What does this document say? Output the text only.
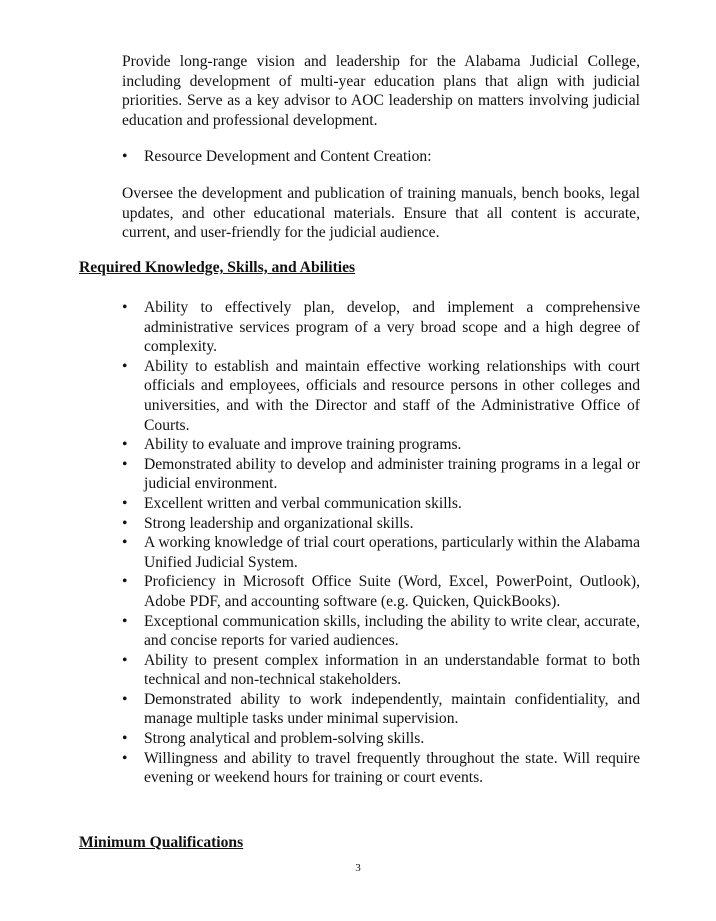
Provide long-range vision and leadership for the Alabama Judicial College, including development of multi-year education plans that align with judicial priorities. Serve as a key advisor to AOC leadership on matters involving judicial education and professional development.

• Resource Development and Content Creation:

Oversee the development and publication of training manuals, bench books, legal updates, and other educational materials. Ensure that all content is accurate, current, and user-friendly for the judicial audience.

Required Knowledge, Skills, and Abilities
• Ability to effectively plan, develop, and implement a comprehensive administrative services program of a very broad scope and a high degree of complexity.
• Ability to establish and maintain effective working relationships with court officials and employees, officials and resource persons in other colleges and universities, and with the Director and staff of the Administrative Office of Courts.
• Ability to evaluate and improve training programs.
• Demonstrated ability to develop and administer training programs in a legal or judicial environment.
• Excellent written and verbal communication skills.
• Strong leadership and organizational skills.
• A working knowledge of trial court operations, particularly within the Alabama Unified Judicial System.
• Proficiency in Microsoft Office Suite (Word, Excel, PowerPoint, Outlook), Adobe PDF, and accounting software (e.g. Quicken, QuickBooks).
• Exceptional communication skills, including the ability to write clear, accurate, and concise reports for varied audiences.
• Ability to present complex information in an understandable format to both technical and non-technical stakeholders.
• Demonstrated ability to work independently, maintain confidentiality, and manage multiple tasks under minimal supervision.
• Strong analytical and problem-solving skills.
• Willingness and ability to travel frequently throughout the state. Will require evening or weekend hours for training or court events.
Minimum Qualifications
3
